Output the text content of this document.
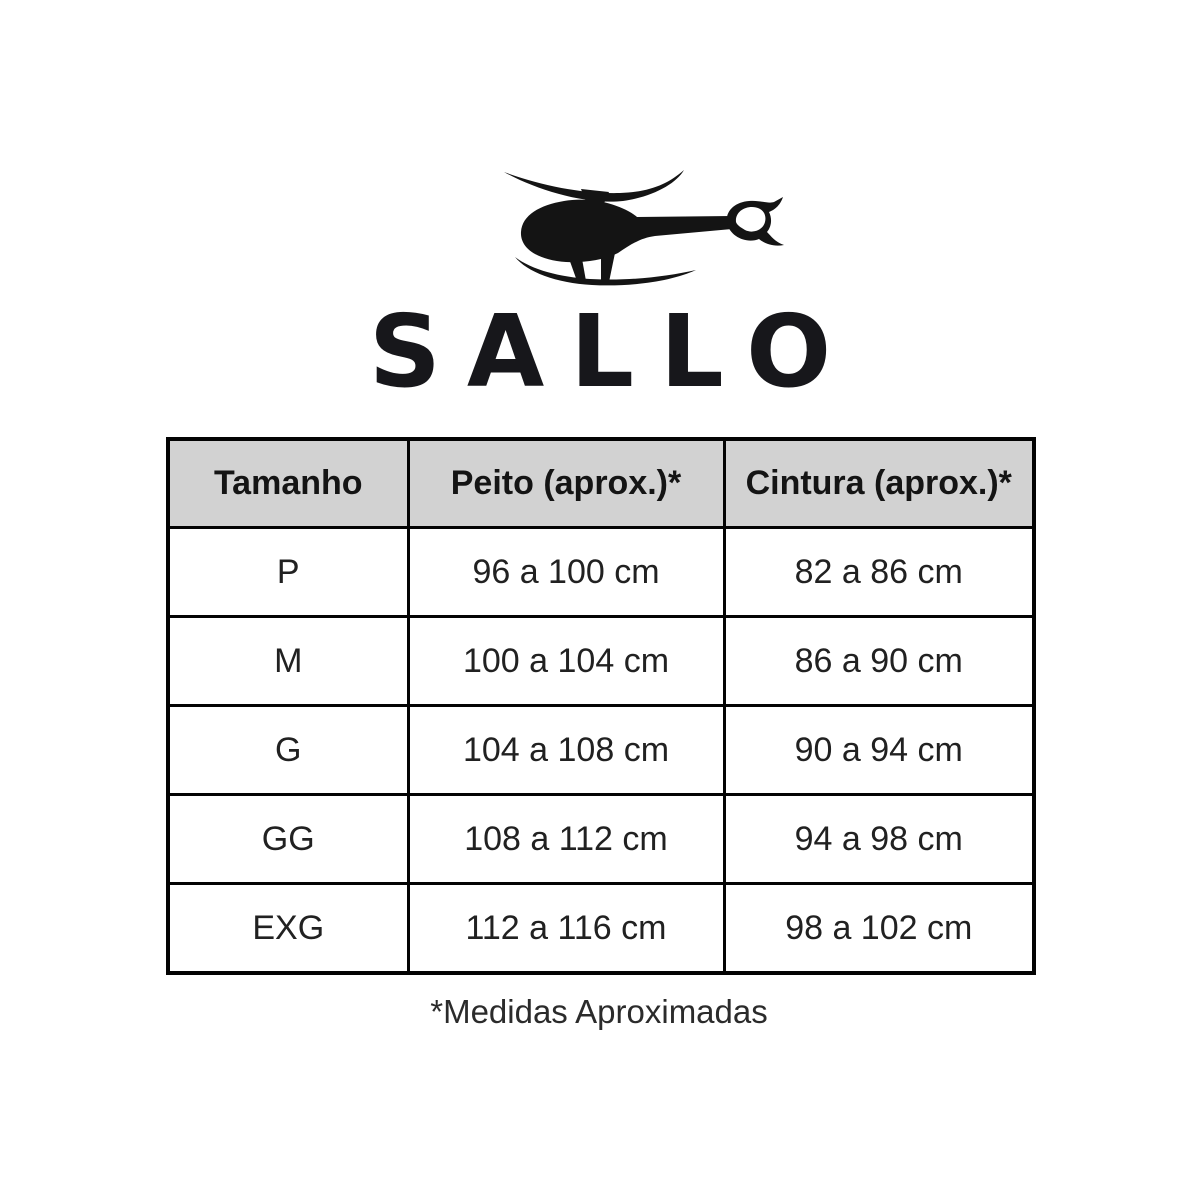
SALLO
Tamanho	Peito (aprox.)*	Cintura (aprox.)*
P	96 a 100 cm	82 a 86 cm
M	100 a 104 cm	86 a 90 cm
G	104 a 108 cm	90 a 94 cm
GG	108 a 112 cm	94 a 98 cm
EXG	112 a 116 cm	98 a 102 cm
*Medidas Aproximadas
